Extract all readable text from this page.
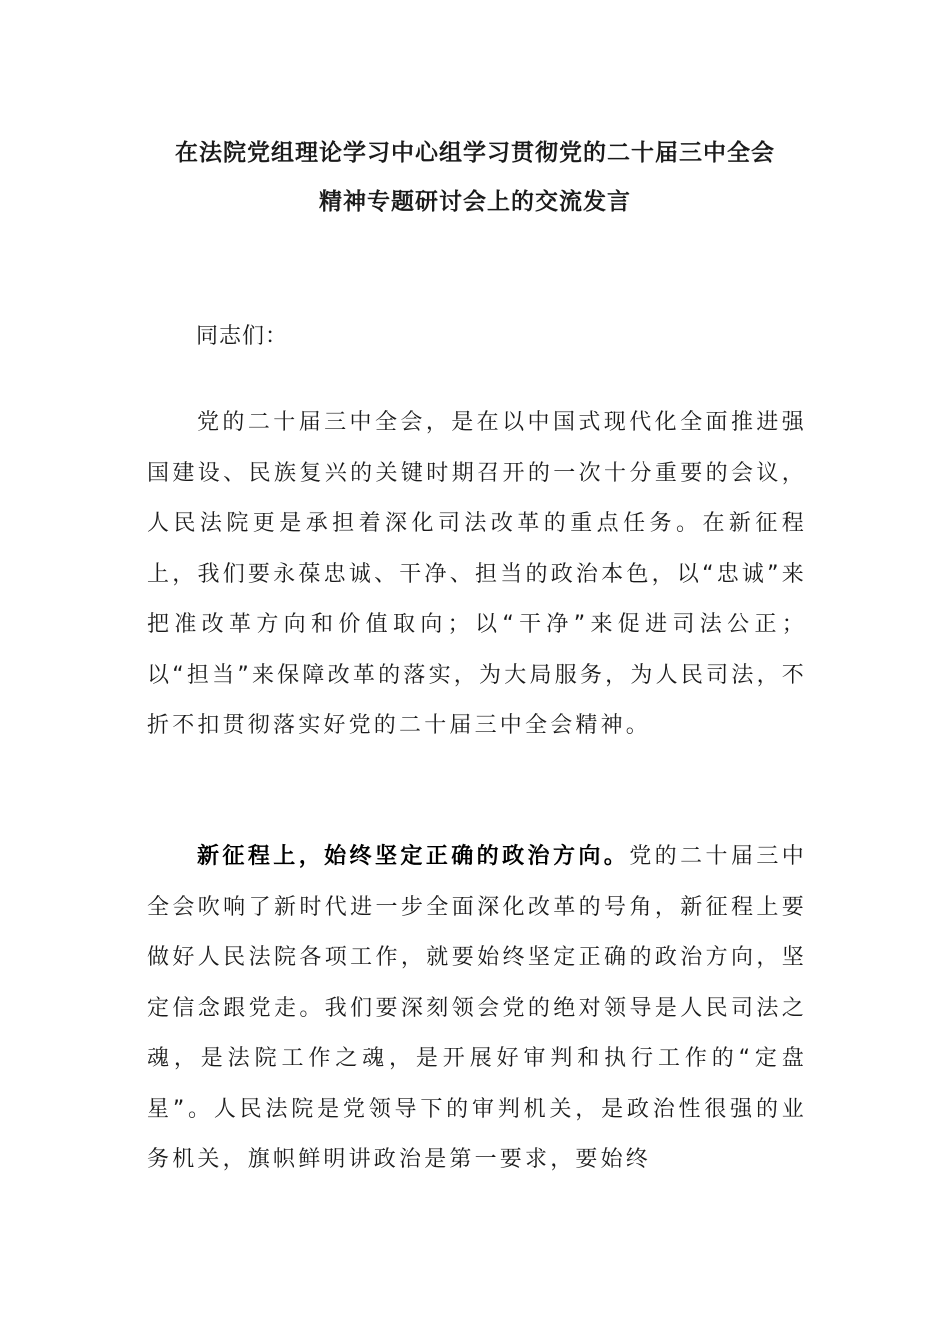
在法院党组理论学习中心组学习贯彻党的二十届三中全会
精神专题研讨会上的交流发言

同志们：

党的二十届三中全会，是在以中国式现代化全面推进强国建设、民族复兴的关键时期召开的一次十分重要的会议，人民法院更是承担着深化司法改革的重点任务。在新征程上，我们要永葆忠诚、干净、担当的政治本色，以“忠诚”来把准改革方向和价值取向；以“干净”来促进司法公正；以“担当”来保障改革的落实，为大局服务，为人民司法，不折不扣贯彻落实好党的二十届三中全会精神。

新征程上，始终坚定正确的政治方向。党的二十届三中全会吹响了新时代进一步全面深化改革的号角，新征程上要做好人民法院各项工作，就要始终坚定正确的政治方向，坚定信念跟党走。我们要深刻领会党的绝对领导是人民司法之魂，是法院工作之魂，是开展好审判和执行工作的“定盘星”。人民法院是党领导下的审判机关，是政治性很强的业务机关，旗帜鲜明讲政治是第一要求，要始终
